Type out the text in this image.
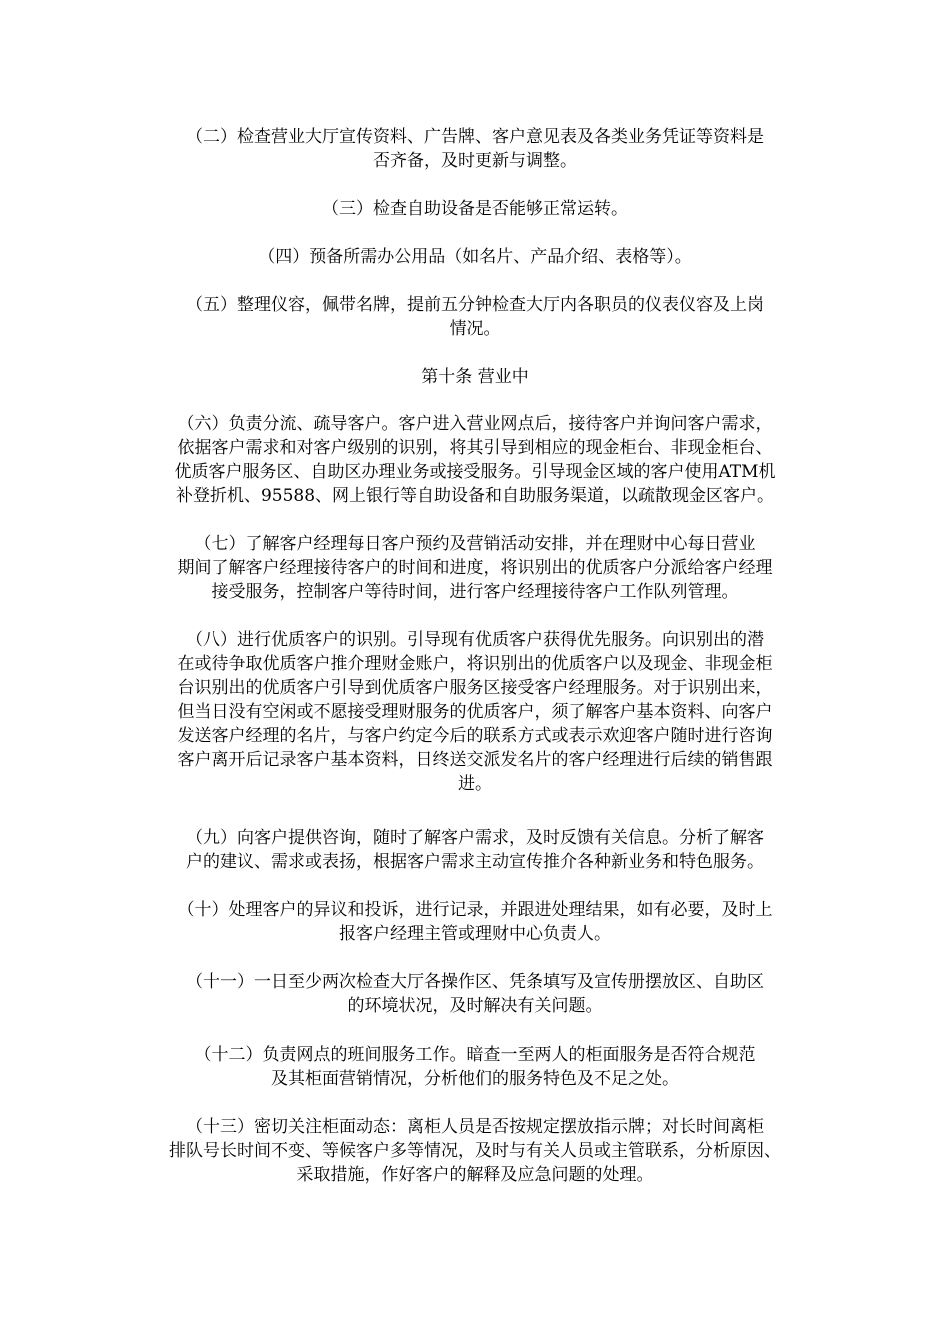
（二）检查营业大厅宣传资料、广告牌、客户意见表及各类业务凭证等资料是
否齐备，及时更新与调整。

（三）检查自助设备是否能够正常运转。

（四）预备所需办公用品（如名片、产品介绍、表格等）。

（五）整理仪容，佩带名牌，提前五分钟检查大厅内各职员的仪表仪容及上岗
情况。

第十条 营业中

（六）负责分流、疏导客户。客户进入营业网点后，接待客户并询问客户需求，
依据客户需求和对客户级别的识别，将其引导到相应的现金柜台、非现金柜台、
优质客户服务区、自助区办理业务或接受服务。引导现金区域的客户使用ATM机
补登折机、95588、网上银行等自助设备和自助服务渠道，以疏散现金区客户。

（七）了解客户经理每日客户预约及营销活动安排，并在理财中心每日营业
期间了解客户经理接待客户的时间和进度，将识别出的优质客户分派给客户经理
接受服务，控制客户等待时间，进行客户经理接待客户工作队列管理。

（八）进行优质客户的识别。引导现有优质客户获得优先服务。向识别出的潜
在或待争取优质客户推介理财金账户，将识别出的优质客户以及现金、非现金柜
台识别出的优质客户引导到优质客户服务区接受客户经理服务。对于识别出来，
但当日没有空闲或不愿接受理财服务的优质客户，须了解客户基本资料、向客户
发送客户经理的名片，与客户约定今后的联系方式或表示欢迎客户随时进行咨询
客户离开后记录客户基本资料，日终送交派发名片的客户经理进行后续的销售跟
进。

（九）向客户提供咨询，随时了解客户需求，及时反馈有关信息。分析了解客
户的建议、需求或表扬，根据客户需求主动宣传推介各种新业务和特色服务。

（十）处理客户的异议和投诉，进行记录，并跟进处理结果，如有必要，及时上
报客户经理主管或理财中心负责人。

（十一）一日至少两次检查大厅各操作区、凭条填写及宣传册摆放区、自助区
的环境状况，及时解决有关问题。

（十二）负责网点的班间服务工作。暗查一至两人的柜面服务是否符合规范
及其柜面营销情况，分析他们的服务特色及不足之处。

（十三）密切关注柜面动态：离柜人员是否按规定摆放指示牌；对长时间离柜
排队号长时间不变、等候客户多等情况，及时与有关人员或主管联系，分析原因、
采取措施，作好客户的解释及应急问题的处理。
